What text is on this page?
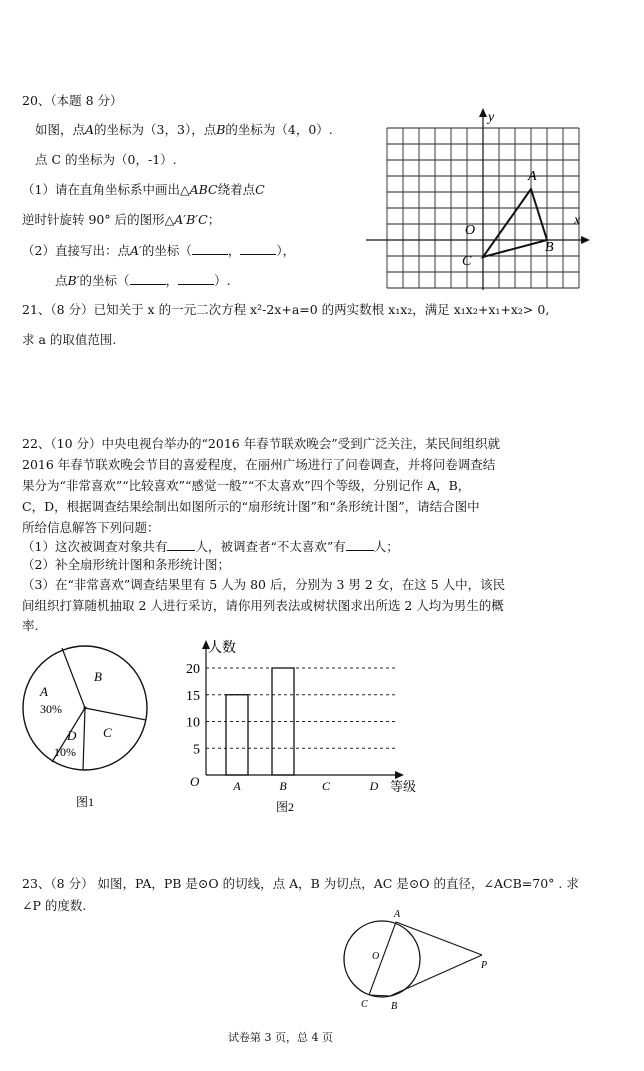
20、（本题 8 分）
如图，点A的坐标为（3，3），点B的坐标为（4，0）.
点 C 的坐标为（0，-1）.
（1）请在直角坐标系中画出△ABC绕着点C
逆时针旋转 90° 后的图形△A′B′C；
（2）直接写出：点A′的坐标（	，	），
点B′的坐标（	，	）.
y
x
O
A
B
C
21、（8 分）已知关于 x 的一元二次方程 x²-2x+a=0 的两实数根 x₁x₂，满足 x₁x₂+x₁+x₂> 0,
求 a 的取值范围.
22、（10 分）中央电视台举办的“2016 年春节联欢晚会”受到广泛关注，某民间组织就
2016 年春节联欢晚会节目的喜爱程度，在丽州广场进行了问卷调查，并将问卷调查结
果分为“非常喜欢”“比较喜欢”“感觉一般”“不太喜欢”四个等级，分别记作 A，B，
C，D，根据调查结果绘制出如图所示的“扇形统计图”和“条形统计图”，请结合图中
所给信息解答下列问题：
（1）这次被调查对象共有 人，被调查者“不太喜欢”有 人；
（2）补全扇形统计图和条形统计图；
（3）在“非常喜欢”调查结果里有 5 人为 80 后，分别为 3 男 2 女，在这 5 人中，该民
间组织打算随机抽取 2 人进行采访，请你用列表法或树状图求出所选 2 人均为男生的概
率.
A
30%
B
C
D
10%
图1
5
10
15
20
A	B	C	D
人数
等级
O
图2
23、（8 分） 如图，PA，PB 是⊙O 的切线，点 A，B 为切点，AC 是⊙O 的直径，∠ACB=70° . 求
∠P 的度数.
A
O
P
C B
试卷第 3 页，总 4 页
